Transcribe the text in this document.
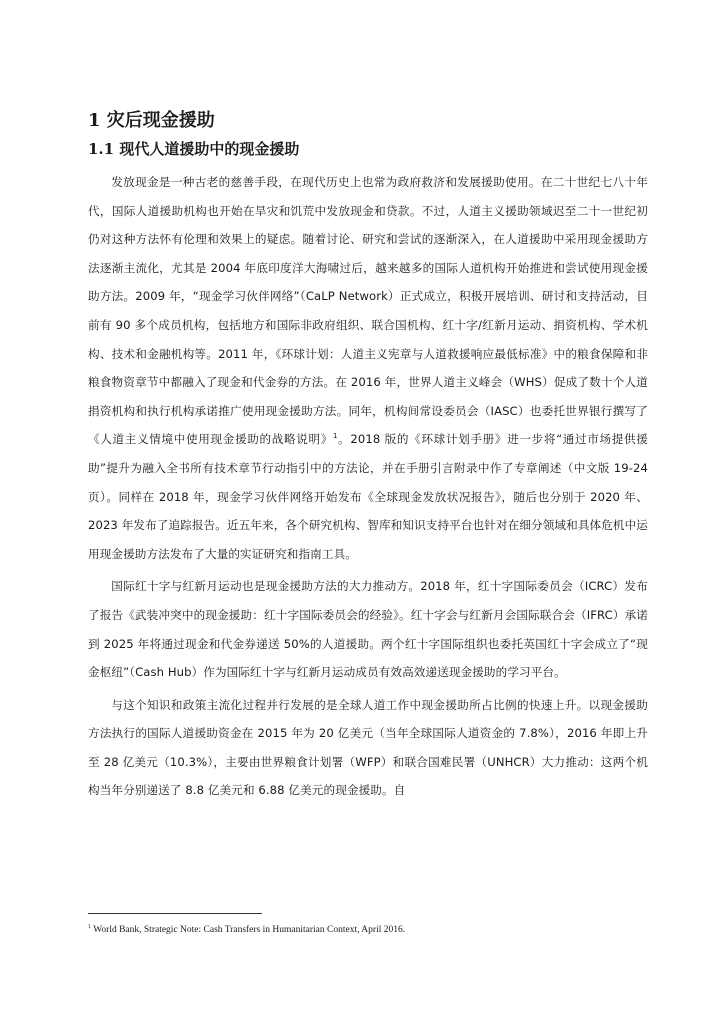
1 灾后现金援助
1.1 现代人道援助中的现金援助

发放现金是一种古老的慈善手段，在现代历史上也常为政府救济和发展援助使用。在二十世纪七八十年代，国际人道援助机构也开始在旱灾和饥荒中发放现金和贷款。不过，人道主义援助领域迟至二十一世纪初仍对这种方法怀有伦理和效果上的疑虑。随着讨论、研究和尝试的逐渐深入，在人道援助中采用现金援助方法逐渐主流化，尤其是 2004 年底印度洋大海啸过后，越来越多的国际人道机构开始推进和尝试使用现金援助方法。2009 年，“现金学习伙伴网络”（CaLP Network）正式成立，积极开展培训、研讨和支持活动，目前有 90 多个成员机构，包括地方和国际非政府组织、联合国机构、红十字/红新月运动、捐资机构、学术机构、技术和金融机构等。2011 年，《环球计划：人道主义宪章与人道救援响应最低标准》中的粮食保障和非粮食物资章节中都融入了现金和代金券的方法。在 2016 年，世界人道主义峰会（WHS）促成了数十个人道捐资机构和执行机构承诺推广使用现金援助方法。同年，机构间常设委员会（IASC）也委托世界银行撰写了《人道主义情境中使用现金援助的战略说明》$^1$。2018 版的《环球计划手册》进一步将“通过市场提供援助”提升为融入全书所有技术章节行动指引中的方法论，并在手册引言附录中作了专章阐述（中文版 19-24 页）。同样在 2018 年，现金学习伙伴网络开始发布《全球现金发放状况报告》，随后也分别于 2020 年、2023 年发布了追踪报告。近五年来，各个研究机构、智库和知识支持平台也针对在细分领域和具体危机中运用现金援助方法发布了大量的实证研究和指南工具。

国际红十字与红新月运动也是现金援助方法的大力推动方。2018 年，红十字国际委员会（ICRC）发布了报告《武装冲突中的现金援助：红十字国际委员会的经验》。红十字会与红新月会国际联合会（IFRC）承诺到 2025 年将通过现金和代金券递送 50%的人道援助。两个红十字国际组织也委托英国红十字会成立了“现金枢纽”（Cash Hub）作为国际红十字与红新月运动成员有效高效递送现金援助的学习平台。

与这个知识和政策主流化过程并行发展的是全球人道工作中现金援助所占比例的快速上升。以现金援助方法执行的国际人道援助资金在 2015 年为 20 亿美元（当年全球国际人道资金的 7.8%），2016 年即上升至 28 亿美元（10.3%），主要由世界粮食计划署（WFP）和联合国难民署（UNHCR）大力推动：这两个机构当年分别递送了 8.8 亿美元和 6.88 亿美元的现金援助。自

$^1$ World Bank, Strategic Note: Cash Transfers in Humanitarian Context, April 2016.
